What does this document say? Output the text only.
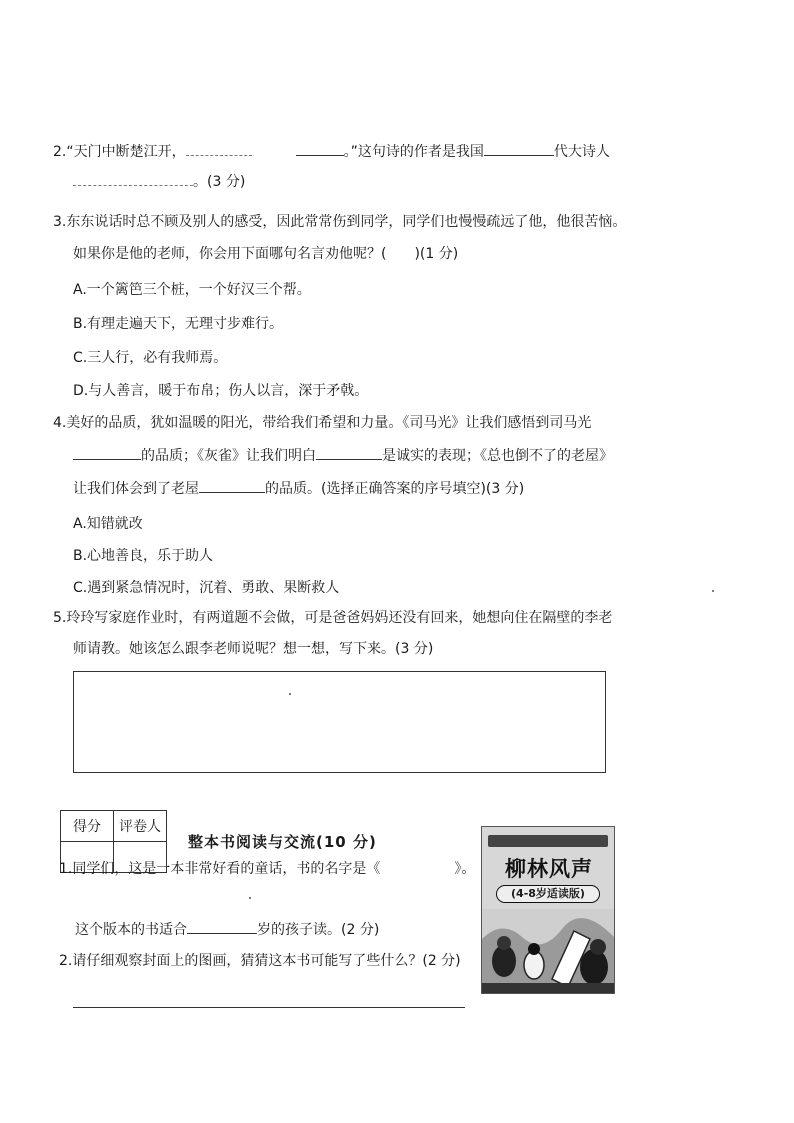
2.“天门中断楚江开，	。”这句诗的作者是我国	代大诗人
。(3 分)
3.东东说话时总不顾及别人的感受，因此常常伤到同学，同学们也慢慢疏远了他，他很苦恼。
如果你是他的老师，你会用下面哪句名言劝他呢？(　　)(1 分)
A.一个篱笆三个桩，一个好汉三个帮。
B.有理走遍天下，无理寸步难行。
C.三人行，必有我师焉。
D.与人善言，暖于布帛；伤人以言，深于矛戟。
4.美好的品质，犹如温暖的阳光，带给我们希望和力量。《司马光》让我们感悟到司马光
的品质；《灰雀》让我们明白	是诚实的表现；《总也倒不了的老屋》
让我们体会到了老屋	的品质。(选择正确答案的序号填空)(3 分)
A.知错就改
B.心地善良，乐于助人
C.遇到紧急情况时，沉着、勇敢、果断救人
5.玲玲写家庭作业时，有两道题不会做，可是爸爸妈妈还没有回来，她想向住在隔壁的李老
师请教。她该怎么跟李老师说呢？想一想，写下来。(3 分)
得分	评卷人

整本书阅读与交流(10 分)
柳林风声
(4-8岁适读版)
1.同学们，这是一本非常好看的童话，书的名字是《	》。
这个版本的书适合	岁的孩子读。(2 分)
2.请仔细观察封面上的图画，猜猜这本书可能写了些什么？(2 分)
